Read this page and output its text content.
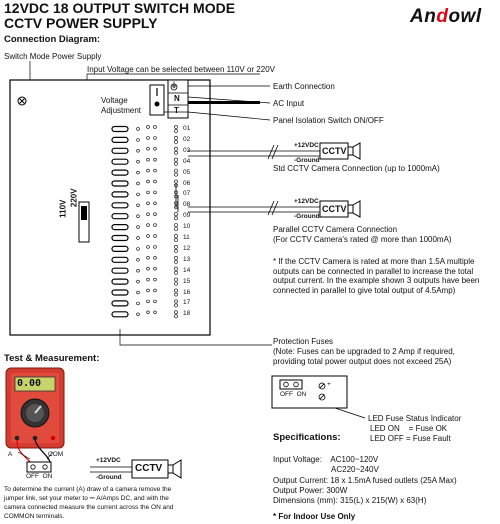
12VDC 18 OUTPUT SWITCH MODE
CCTV POWER SUPPLY	Andowl
Connection Diagram:
Switch Mode Power Supply
Input Voltage can be selected between 110V or 220V
Voltage
Adjustment
110V
220V
⏚
N
T
Earth Connection
AC Input
Panel Isolation Switch ON/OFF
01
02
03
04
05
06
07
08
09
10
11
12
13
14
15
16
17
18
+12VDC
-Ground
CCTV
Std CCTV Camera Connection (up to 1000mA)
+12VDC
-Ground
CCTV
Parallel CCTV Camera Connection
(For CCTV Camera's rated @ more than 1000mA)
* If the CCTV Camera is rated at more than 1.5A multiple
outputs can be connected in parallel to increase the total
output current. In the example shown 3 outputs have been
connected in parallel to give total output of 4.5Amp)
Protection Fuses
(Note: Fuses can be upgraded to 2 Amp if required,
providing total power output does not exceed 25A)
OFF  ON
+
LED Fuse Status Indicator
LED ON    = Fuse OK
LED OFF = Fuse Fault
Specifications:
Input Voltage:    AC100~120V
AC220~240V
Output Current: 18 x 1.5mA fused outlets (25A Max)
Output Power: 300W
Dimensions (mm): 315(L) x 215(W) x 63(H)
* For Indoor Use Only
Test & Measurement:
0.00
A	COM
OFF  ON
+12VDC
-Ground
CCTV
To determine the current (A) draw of a camera remove the
jumper link, set your meter to ⎓ A/Amps DC, and with the
camera connected measure the current across the ON and
COMMON terminals.
